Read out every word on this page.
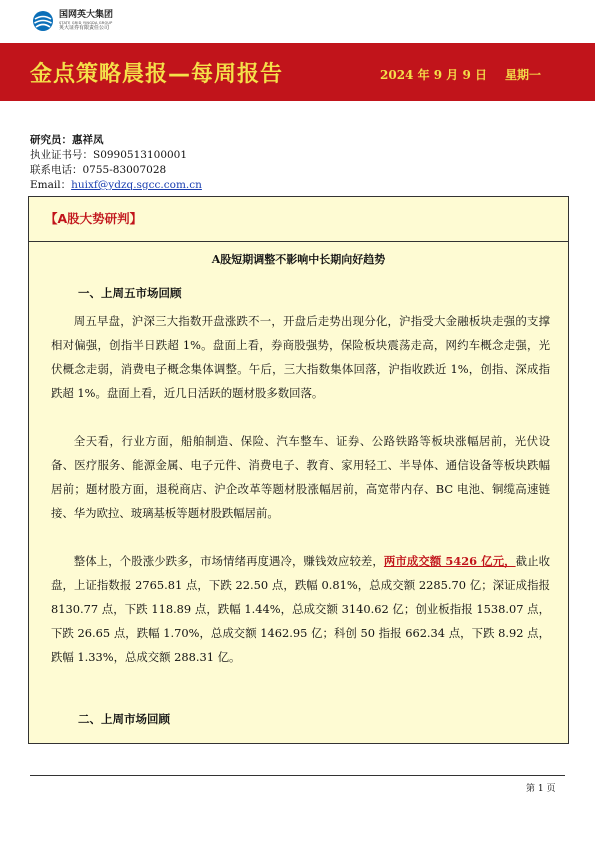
国网英大集团
STATE GRID YINGDA GROUP
英大证券有限责任公司
金点策略晨报—每周报告	2024 年 9 月 9 日 星期一
研究员：惠祥凤
执业证书号：S0990513100001
联系电话：0755-83007028
Email：huixf@ydzq.sgcc.com.cn
【A股大势研判】
A股短期调整不影响中长期向好趋势
一、上周五市场回顾
周五早盘，沪深三大指数开盘涨跌不一，开盘后走势出现分化，沪指受大金融板块走强的支撑相对偏强，创指半日跌超 1%。盘面上看，券商股强势，保险板块震荡走高，网约车概念走强，光伏概念走弱，消费电子概念集体调整。午后，三大指数集体回落，沪指收跌近 1%，创指、深成指跌超 1%。盘面上看，近几日活跃的题材股多数回落。
全天看，行业方面，船舶制造、保险、汽车整车、证券、公路铁路等板块涨幅居前，光伏设备、医疗服务、能源金属、电子元件、消费电子、教育、家用轻工、半导体、通信设备等板块跌幅居前；题材股方面，退税商店、沪企改革等题材股涨幅居前，高宽带内存、BC 电池、铜缆高速链接、华为欧拉、玻璃基板等题材股跌幅居前。
整体上，个股涨少跌多，市场情绪再度遇冷，赚钱效应较差，两市成交额 5426 亿元，截止收盘，上证指数报 2765.81 点，下跌 22.50 点，跌幅 0.81%，总成交额 2285.70 亿；深证成指报 8130.77 点，下跌 118.89 点，跌幅 1.44%，总成交额 3140.62 亿；创业板指报 1538.07 点，下跌 26.65 点，跌幅 1.70%，总成交额 1462.95 亿；科创 50 指报 662.34 点，下跌 8.92 点，跌幅 1.33%，总成交额 288.31 亿。
二、上周市场回顾
第 1 页
